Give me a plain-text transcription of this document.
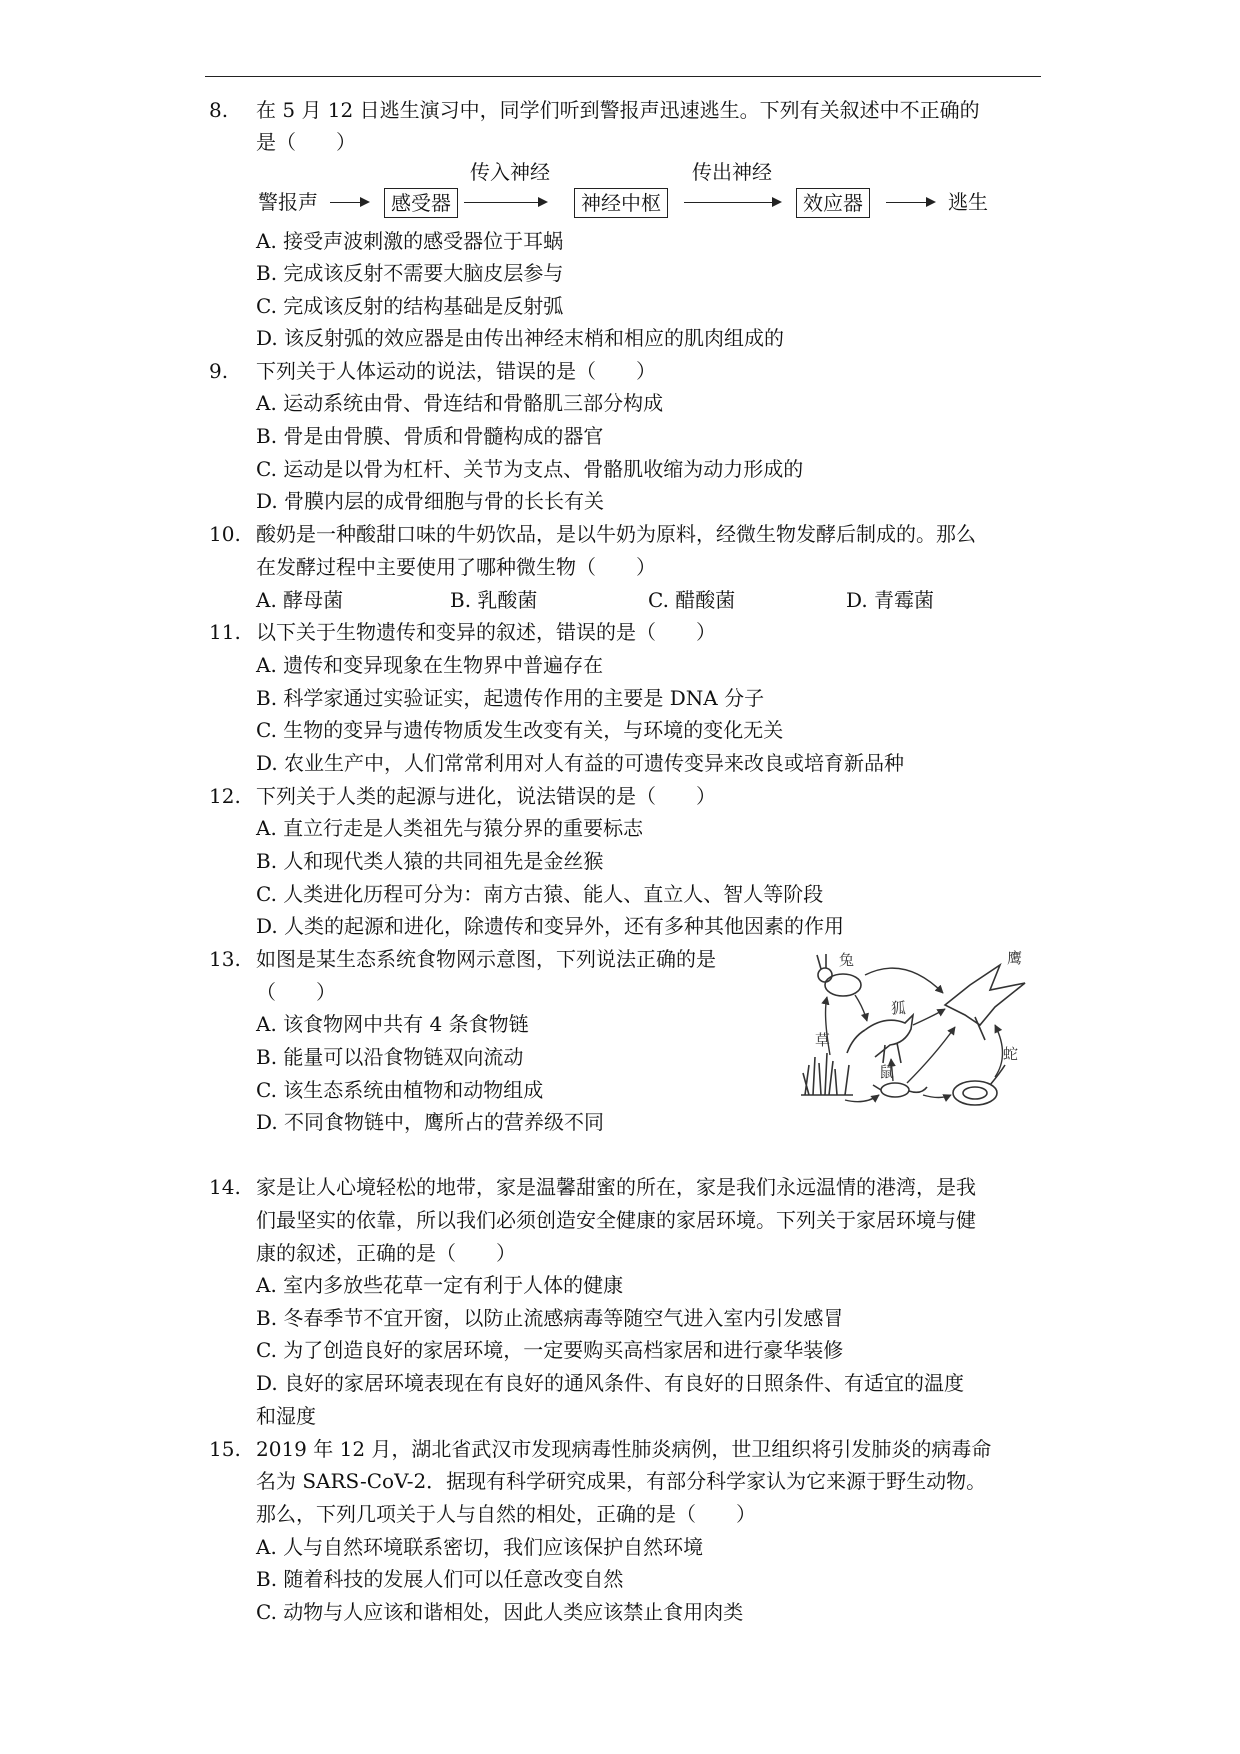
8. 在 5 月 12 日逃生演习中，同学们听到警报声迅速逃生。下列有关叙述中不正确的
是（　　）
警报声	感受器
传入神经
神经中枢
传出神经
效应器	逃生
A. 接受声波刺激的感受器位于耳蜗
B. 完成该反射不需要大脑皮层参与
C. 完成该反射的结构基础是反射弧
D. 该反射弧的效应器是由传出神经末梢和相应的肌肉组成的
9. 下列关于人体运动的说法，错误的是（　　）
A. 运动系统由骨、骨连结和骨骼肌三部分构成
B. 骨是由骨膜、骨质和骨髓构成的器官
C. 运动是以骨为杠杆、关节为支点、骨骼肌收缩为动力形成的
D. 骨膜内层的成骨细胞与骨的长长有关
10. 酸奶是一种酸甜口味的牛奶饮品，是以牛奶为原料，经微生物发酵后制成的。那么
在发酵过程中主要使用了哪种微生物（　　）
A. 酵母菌	B. 乳酸菌	C. 醋酸菌	D. 青霉菌
11. 以下关于生物遗传和变异的叙述，错误的是（　　）
A. 遗传和变异现象在生物界中普遍存在
B. 科学家通过实验证实，起遗传作用的主要是 DNA 分子
C. 生物的变异与遗传物质发生改变有关，与环境的变化无关
D. 农业生产中，人们常常利用对人有益的可遗传变异来改良或培育新品种
12. 下列关于人类的起源与进化，说法错误的是（　　）
A. 直立行走是人类祖先与猿分界的重要标志
B. 人和现代类人猿的共同祖先是金丝猴
C. 人类进化历程可分为：南方古猿、能人、直立人、智人等阶段
D. 人类的起源和进化，除遗传和变异外，还有多种其他因素的作用
13. 如图是某生态系统食物网示意图，下列说法正确的是
（　　）
A. 该食物网中共有 4 条食物链
B. 能量可以沿食物链双向流动
C. 该生态系统由植物和动物组成
D. 不同食物链中，鹰所占的营养级不同
兔	鹰
狐
草
鼠
蛇
14. 家是让人心境轻松的地带，家是温馨甜蜜的所在，家是我们永远温情的港湾，是我
们最坚实的依靠，所以我们必须创造安全健康的家居环境。下列关于家居环境与健
康的叙述，正确的是（　　）
A. 室内多放些花草一定有利于人体的健康
B. 冬春季节不宜开窗，以防止流感病毒等随空气进入室内引发感冒
C. 为了创造良好的家居环境，一定要购买高档家居和进行豪华装修
D. 良好的家居环境表现在有良好的通风条件、有良好的日照条件、有适宜的温度
和湿度
15. 2019 年 12 月，湖北省武汉市发现病毒性肺炎病例，世卫组织将引发肺炎的病毒命
名为 SARS-CoV-2．据现有科学研究成果，有部分科学家认为它来源于野生动物。
那么，下列几项关于人与自然的相处，正确的是（　　）
A. 人与自然环境联系密切，我们应该保护自然环境
B. 随着科技的发展人们可以任意改变自然
C. 动物与人应该和谐相处，因此人类应该禁止食用肉类
